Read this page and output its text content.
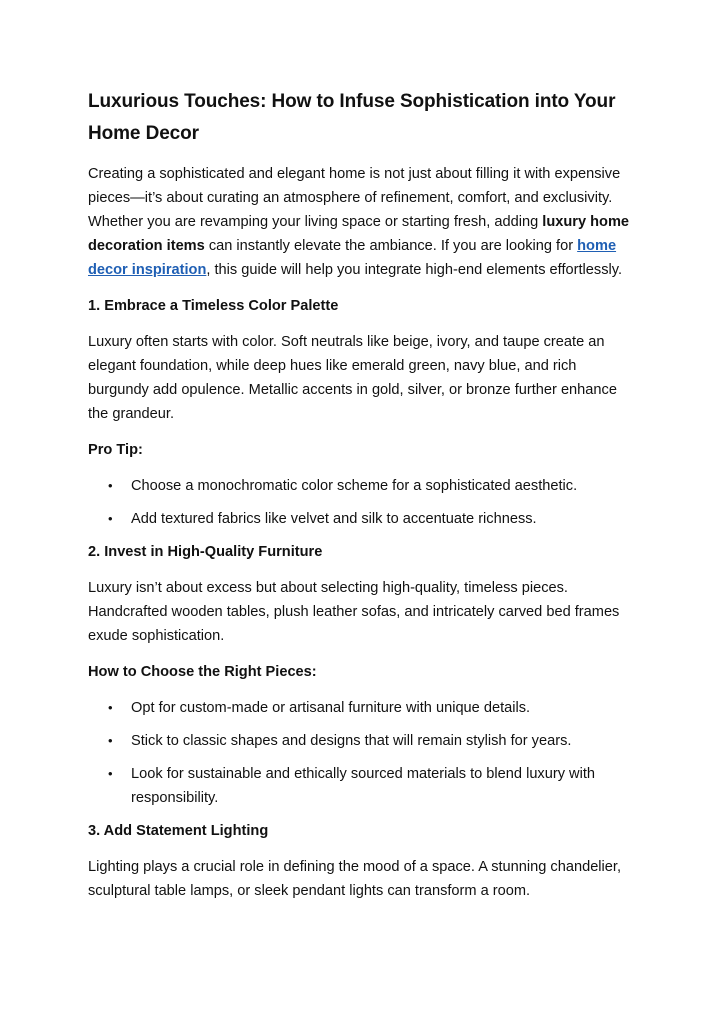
Luxurious Touches: How to Infuse Sophistication into Your Home Decor

Creating a sophisticated and elegant home is not just about filling it with expensive pieces—it’s about curating an atmosphere of refinement, comfort, and exclusivity. Whether you are revamping your living space or starting fresh, adding luxury home decoration items can instantly elevate the ambiance. If you are looking for home decor inspiration, this guide will help you integrate high-end elements effortlessly.

1. Embrace a Timeless Color Palette

Luxury often starts with color. Soft neutrals like beige, ivory, and taupe create an elegant foundation, while deep hues like emerald green, navy blue, and rich burgundy add opulence. Metallic accents in gold, silver, or bronze further enhance the grandeur.

Pro Tip:
• Choose a monochromatic color scheme for a sophisticated aesthetic.
• Add textured fabrics like velvet and silk to accentuate richness.
2. Invest in High-Quality Furniture

Luxury isn’t about excess but about selecting high-quality, timeless pieces. Handcrafted wooden tables, plush leather sofas, and intricately carved bed frames exude sophistication.

How to Choose the Right Pieces:
• Opt for custom-made or artisanal furniture with unique details.
• Stick to classic shapes and designs that will remain stylish for years.
• Look for sustainable and ethically sourced materials to blend luxury with responsibility.
3. Add Statement Lighting

Lighting plays a crucial role in defining the mood of a space. A stunning chandelier, sculptural table lamps, or sleek pendant lights can transform a room.
